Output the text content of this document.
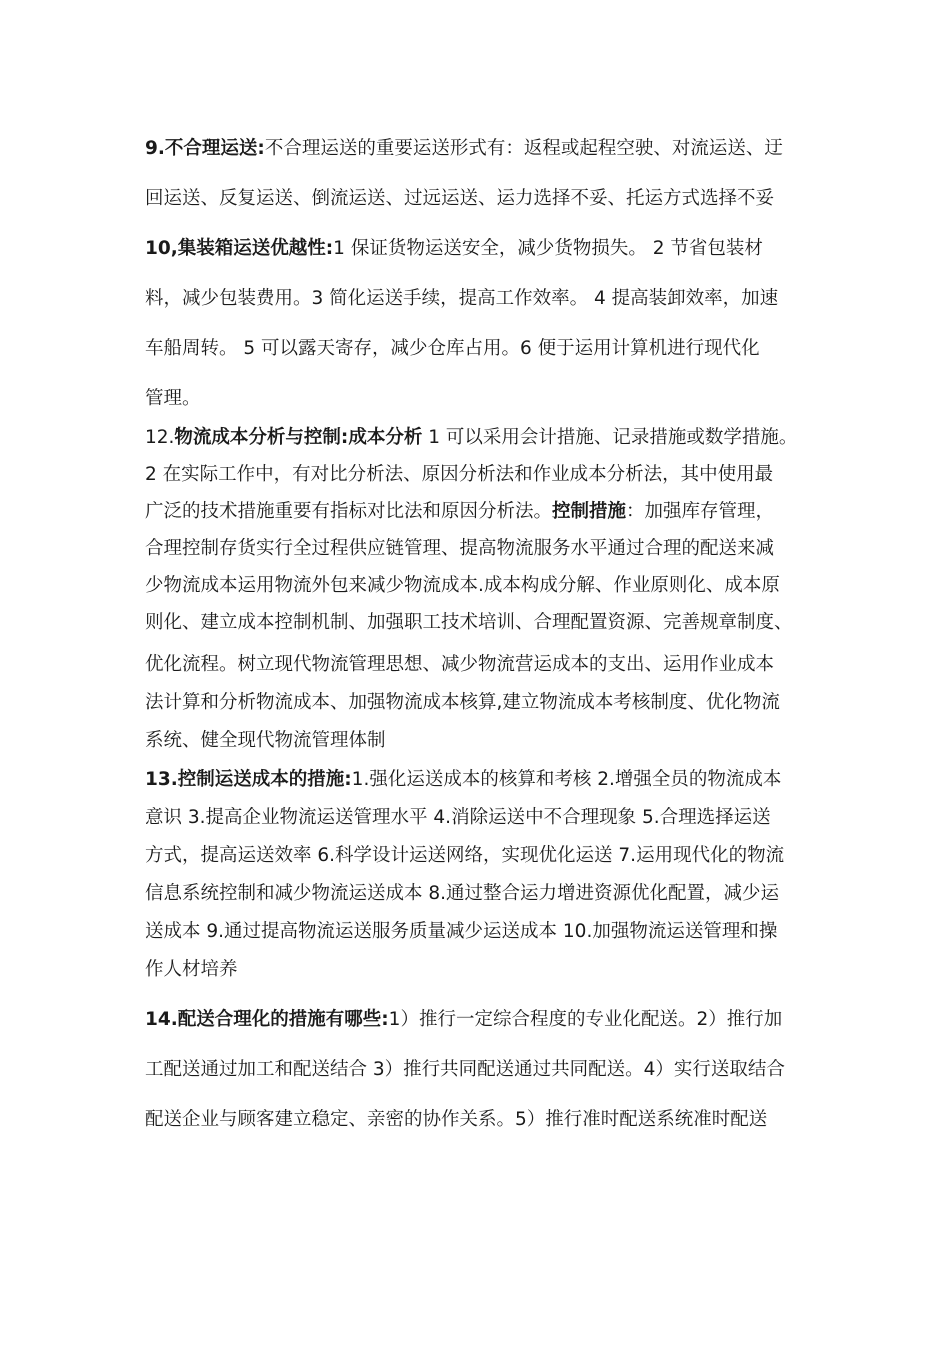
9.不合理运送:不合理运送的重要运送形式有：返程或起程空驶、对流运送、迂
回运送、反复运送、倒流运送、过远运送、运力选择不妥、托运方式选择不妥
10,集装箱运送优越性:1 保证货物运送安全，减少货物损失。 2 节省包装材
料，减少包装费用。3 简化运送手续，提高工作效率。 4 提高装卸效率，加速
车船周转。 5 可以露天寄存，减少仓库占用。6 便于运用计算机进行现代化
管理。
12.物流成本分析与控制:成本分析 1 可以采用会计措施、记录措施或数学措施。
2 在实际工作中，有对比分析法、原因分析法和作业成本分析法，其中使用最
广泛的技术措施重要有指标对比法和原因分析法。控制措施：加强库存管理，
合理控制存货实行全过程供应链管理、提高物流服务水平通过合理的配送来减
少物流成本运用物流外包来减少物流成本.成本构成分解、作业原则化、成本原
则化、建立成本控制机制、加强职工技术培训、合理配置资源、完善规章制度、
优化流程。树立现代物流管理思想、减少物流营运成本的支出、运用作业成本
法计算和分析物流成本、加强物流成本核算,建立物流成本考核制度、优化物流
系统、健全现代物流管理体制
13.控制运送成本的措施:1.强化运送成本的核算和考核 2.增强全员的物流成本
意识 3.提高企业物流运送管理水平 4.消除运送中不合理现象 5.合理选择运送
方式，提高运送效率 6.科学设计运送网络，实现优化运送 7.运用现代化的物流
信息系统控制和减少物流运送成本 8.通过整合运力增进资源优化配置，减少运
送成本 9.通过提高物流运送服务质量减少运送成本 10.加强物流运送管理和操
作人材培养
14.配送合理化的措施有哪些:1）推行一定综合程度的专业化配送。2）推行加
工配送通过加工和配送结合 3）推行共同配送通过共同配送。4）实行送取结合
配送企业与顾客建立稳定、亲密的协作关系。5）推行准时配送系统准时配送
